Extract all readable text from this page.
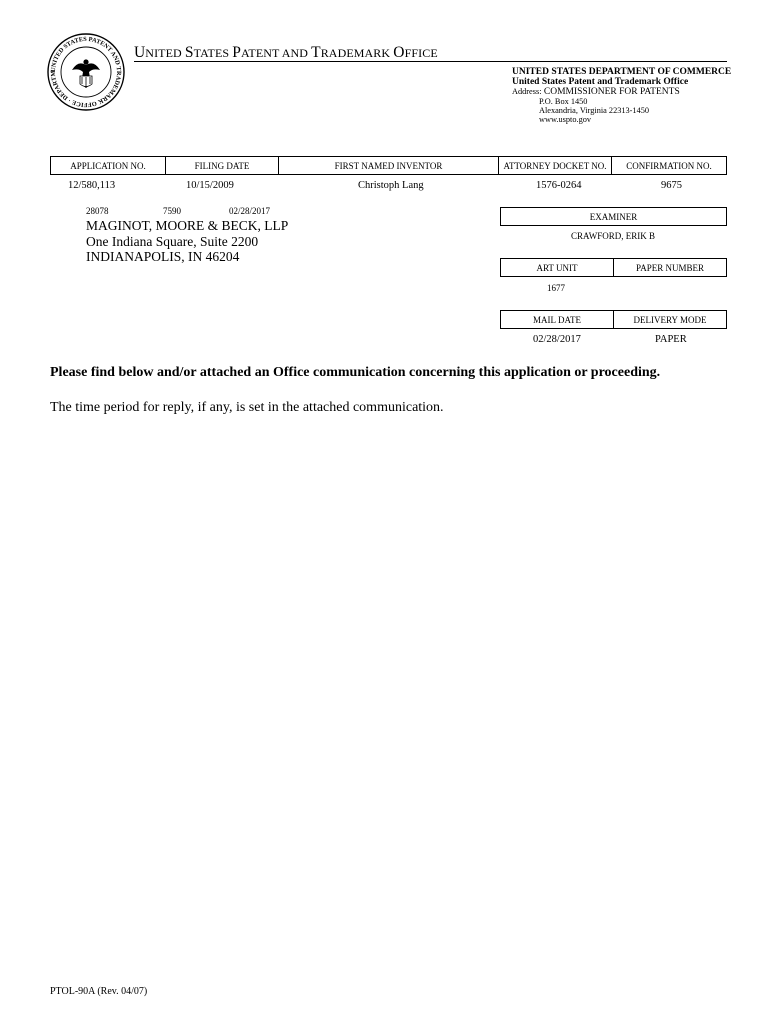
UNITED STATES PATENT AND TRADEMARK OFFICE · DEPARTM
UNITED STATES PATENT AND TRADEMARK OFFICE
UNITED STATES DEPARTMENT OF COMMERCE
United States Patent and Trademark Office
Address: COMMISSIONER FOR PATENTS
P.O. Box 1450
Alexandria, Virginia 22313-1450
www.uspto.gov
APPLICATION NO.	FILING DATE	FIRST NAMED INVENTOR	ATTORNEY DOCKET NO.	CONFIRMATION NO.
12/580,113	10/15/2009	Christoph Lang	1576-0264	9675
28078	7590	02/28/2017
MAGINOT, MOORE & BECK, LLP
One Indiana Square, Suite 2200
INDIANAPOLIS, IN 46204
EXAMINER
CRAWFORD, ERIK B
ART UNIT	PAPER NUMBER
1677
MAIL DATE	DELIVERY MODE
02/28/2017	PAPER
Please find below and/or attached an Office communication concerning this application or proceeding.
The time period for reply, if any, is set in the attached communication.
PTOL-90A (Rev. 04/07)
